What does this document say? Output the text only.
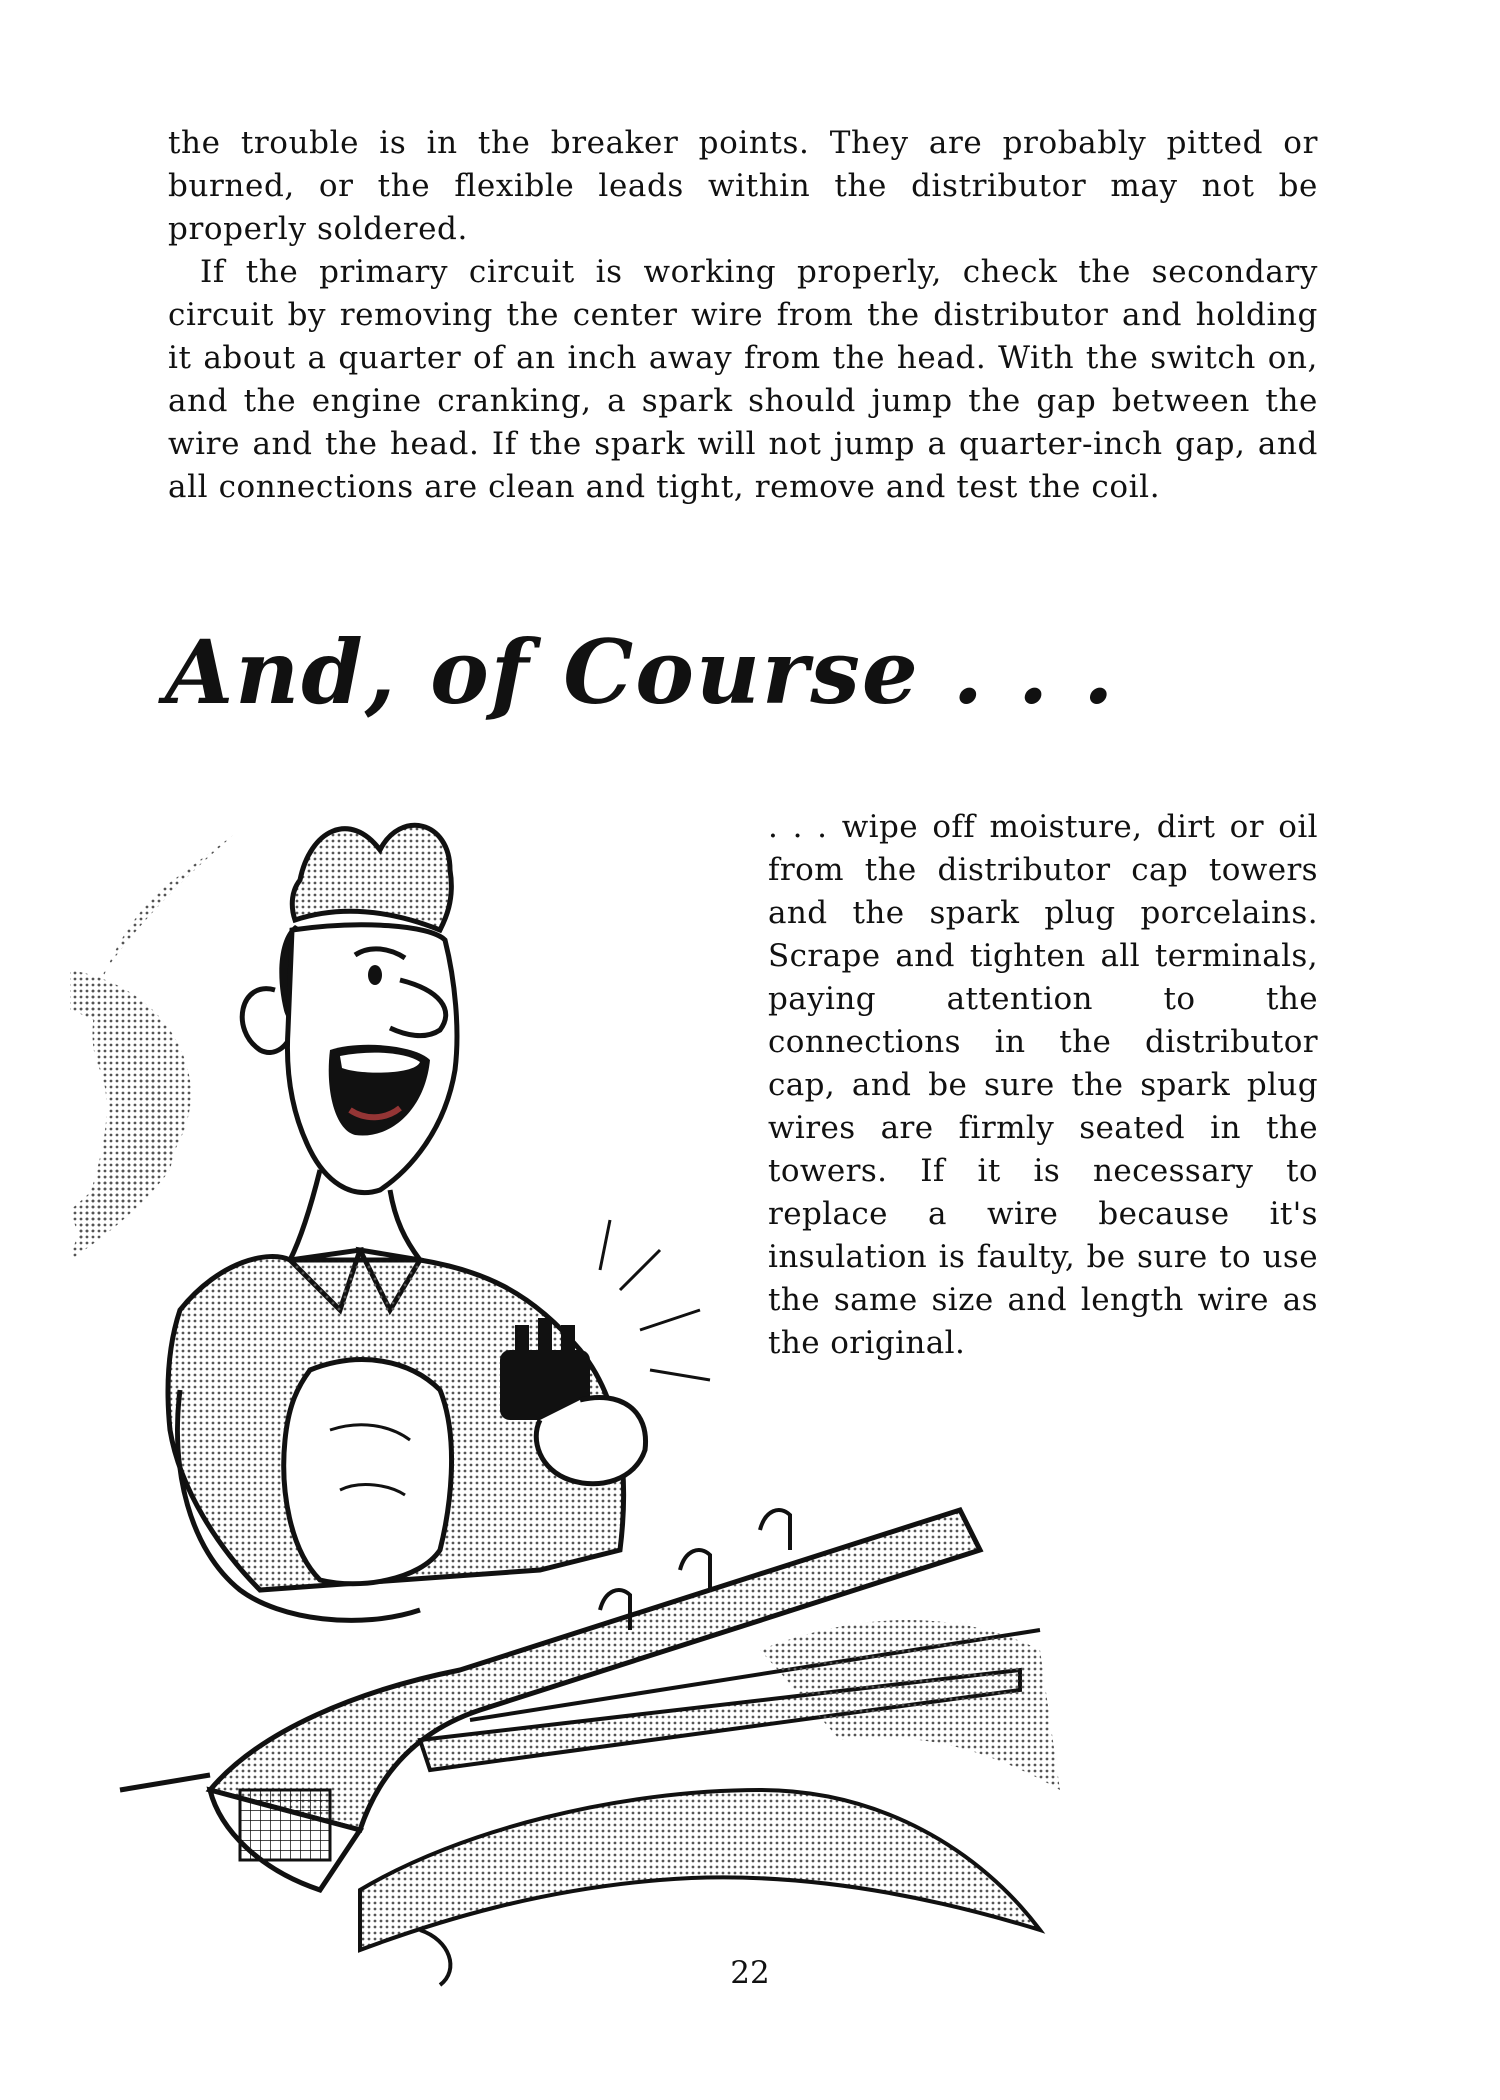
the trouble is in the breaker points. They are probably pitted or burned, or the flexible leads within the distributor may not be properly soldered.

If the primary circuit is working properly, check the secondary circuit by removing the center wire from the distributor and holding it about a quarter of an inch away from the head. With the switch on, and the engine cranking, a spark should jump the gap between the wire and the head. If the spark will not jump a quarter-inch gap, and all connections are clean and tight, remove and test the coil.

And, of Course . . .

. . . wipe off moisture, dirt or oil from the distributor cap towers and the spark plug porcelains. Scrape and tighten all terminals, paying attention to the connections in the distributor cap, and be sure the spark plug wires are firmly seated in the towers. If it is necessary to replace a wire because it's insulation is faulty, be sure to use the same size and length wire as the original.

22
